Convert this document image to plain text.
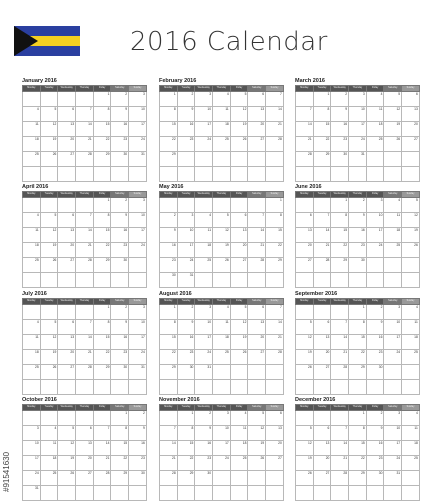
2016 Calendar
January 2016
Monday	Tuesday	Wednesday	Thursday	Friday	Saturday	Sunday
				1	2	3
4	5	6	7	8	9	10
11	12	13	14	15	16	17
18	19	20	21	22	23	24
25	26	27	28	29	30	31

February 2016
Monday	Tuesday	Wednesday	Thursday	Friday	Saturday	Sunday
1	2	3	4	5	6	7
8	9	10	11	12	13	14
15	16	17	18	19	20	21
22	23	24	25	26	27	28
29						

March 2016
Monday	Tuesday	Wednesday	Thursday	Friday	Saturday	Sunday
	1	2	3	4	5	6
7	8	9	10	11	12	13
14	15	16	17	18	19	20
21	22	23	24	25	26	27
28	29	30	31			

April 2016
Monday	Tuesday	Wednesday	Thursday	Friday	Saturday	Sunday
				1	2	3
4	5	6	7	8	9	10
11	12	13	14	15	16	17
18	19	20	21	22	23	24
25	26	27	28	29	30	

May 2016
Monday	Tuesday	Wednesday	Thursday	Friday	Saturday	Sunday
						1
2	3	4	5	6	7	8
9	10	11	12	13	14	15
16	17	18	19	20	21	22
23	24	25	26	27	28	29
30	31					
June 2016
Monday	Tuesday	Wednesday	Thursday	Friday	Saturday	Sunday
		1	2	3	4	5
6	7	8	9	10	11	12
13	14	15	16	17	18	19
20	21	22	23	24	25	26
27	28	29	30			

July 2016
Monday	Tuesday	Wednesday	Thursday	Friday	Saturday	Sunday
				1	2	3
4	5	6	7	8	9	10
11	12	13	14	15	16	17
18	19	20	21	22	23	24
25	26	27	28	29	30	31

August 2016
Monday	Tuesday	Wednesday	Thursday	Friday	Saturday	Sunday
1	2	3	4	5	6	7
8	9	10	11	12	13	14
15	16	17	18	19	20	21
22	23	24	25	26	27	28
29	30	31				

September 2016
Monday	Tuesday	Wednesday	Thursday	Friday	Saturday	Sunday
			1	2	3	4
5	6	7	8	9	10	11
12	13	14	15	16	17	18
19	20	21	22	23	24	25
26	27	28	29	30		

October 2016
Monday	Tuesday	Wednesday	Thursday	Friday	Saturday	Sunday
					1	2
3	4	5	6	7	8	9
10	11	12	13	14	15	16
17	18	19	20	21	22	23
24	25	26	27	28	29	30
31						
November 2016
Monday	Tuesday	Wednesday	Thursday	Friday	Saturday	Sunday
	1	2	3	4	5	6
7	8	9	10	11	12	13
14	15	16	17	18	19	20
21	22	23	24	25	26	27
28	29	30				

December 2016
Monday	Tuesday	Wednesday	Thursday	Friday	Saturday	Sunday
			1	2	3	4
5	6	7	8	9	10	11
12	13	14	15	16	17	18
19	20	21	22	23	24	25
26	27	28	29	30	31	

#91541630
